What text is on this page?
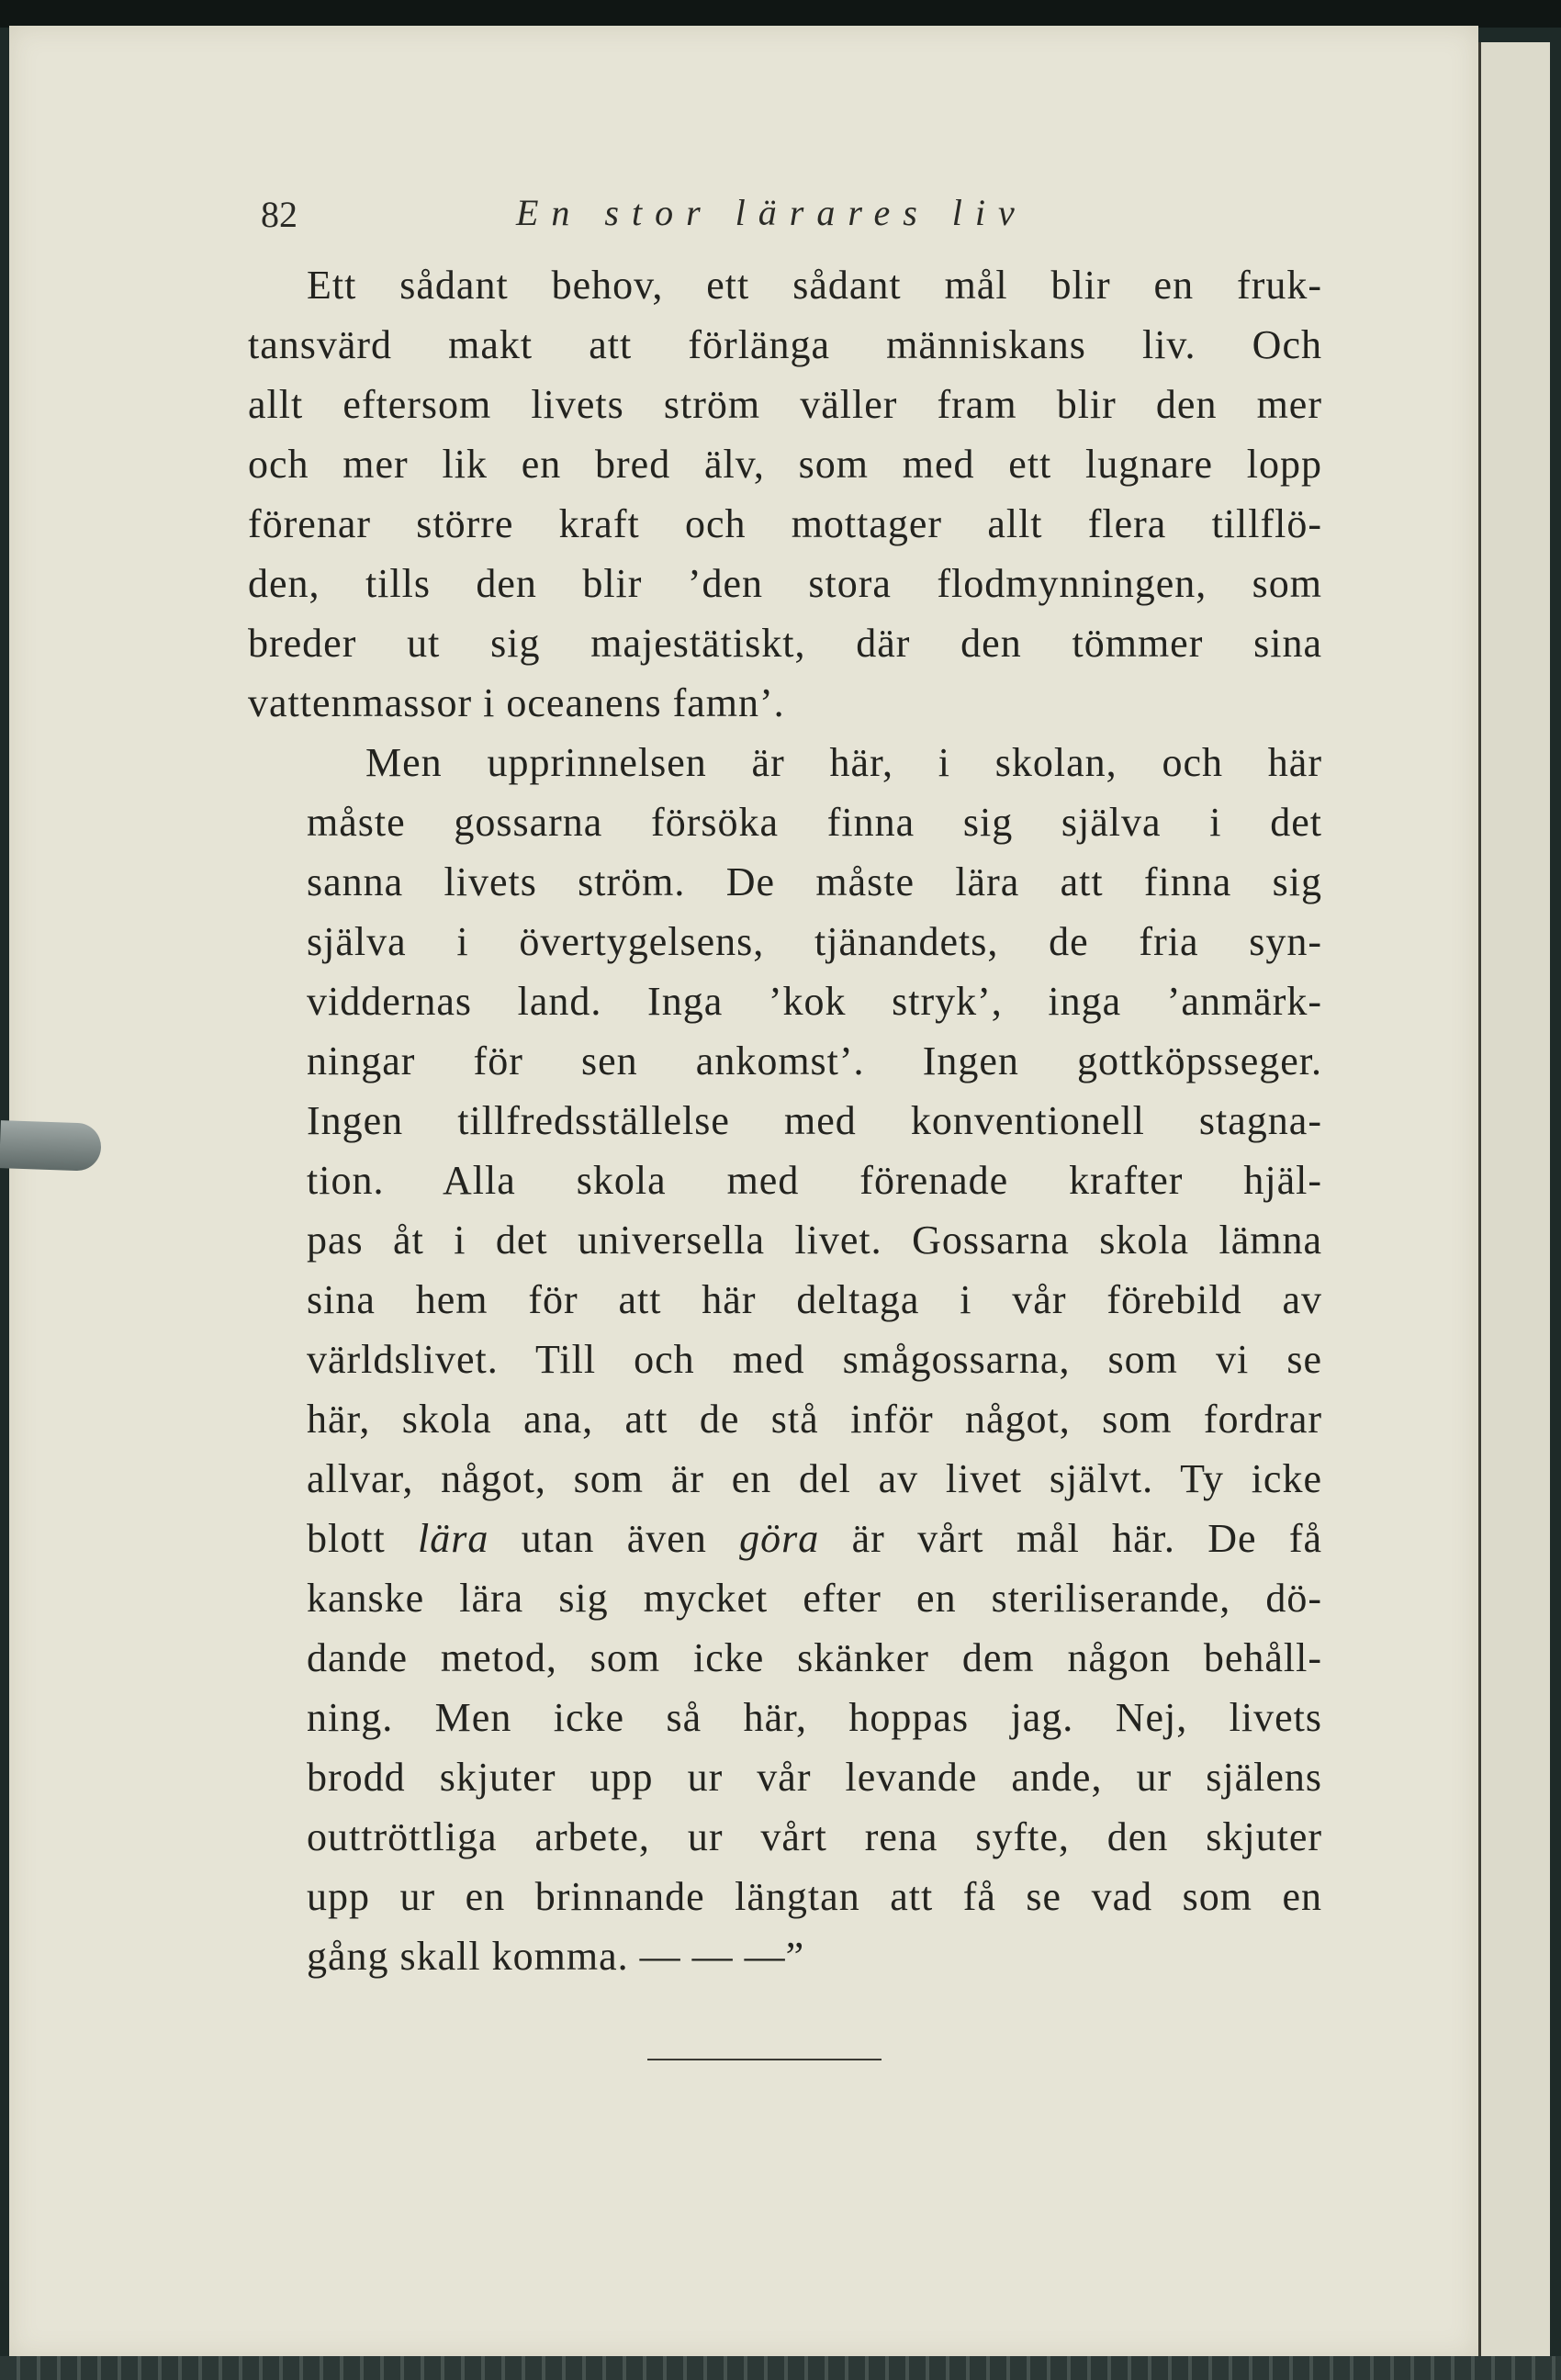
82	En stor lärares liv
Ett sådant behov, ett sådant mål blir en fruk-
tansvärd makt att förlänga människans liv. Och
allt eftersom livets ström väller fram blir den mer
och mer lik en bred älv, som med ett lugnare lopp
förenar större kraft och mottager allt flera tillflö-
den, tills den blir ’den stora flodmynningen, som
breder ut sig majestätiskt, där den tömmer sina
vattenmassor i oceanens famn’.
Men upprinnelsen är här, i skolan, och här
måste gossarna försöka finna sig själva i det
sanna livets ström. De måste lära att finna sig
själva i övertygelsens, tjänandets, de fria syn-
viddernas land. Inga ’kok stryk’, inga ’anmärk-
ningar för sen ankomst’. Ingen gottköpsseger.
Ingen tillfredsställelse med konventionell stagna-
tion. Alla skola med förenade krafter hjäl-
pas åt i det universella livet. Gossarna skola lämna
sina hem för att här deltaga i vår förebild av
världslivet. Till och med smågossarna, som vi se
här, skola ana, att de stå inför något, som fordrar
allvar, något, som är en del av livet självt. Ty icke
blott lära utan även göra är vårt mål här. De få
kanske lära sig mycket efter en steriliserande, dö-
dande metod, som icke skänker dem någon behåll-
ning. Men icke så här, hoppas jag. Nej, livets
brodd skjuter upp ur vår levande ande, ur själens
outtröttliga arbete, ur vårt rena syfte, den skjuter
upp ur en brinnande längtan att få se vad som en
gång skall komma. — — —”
